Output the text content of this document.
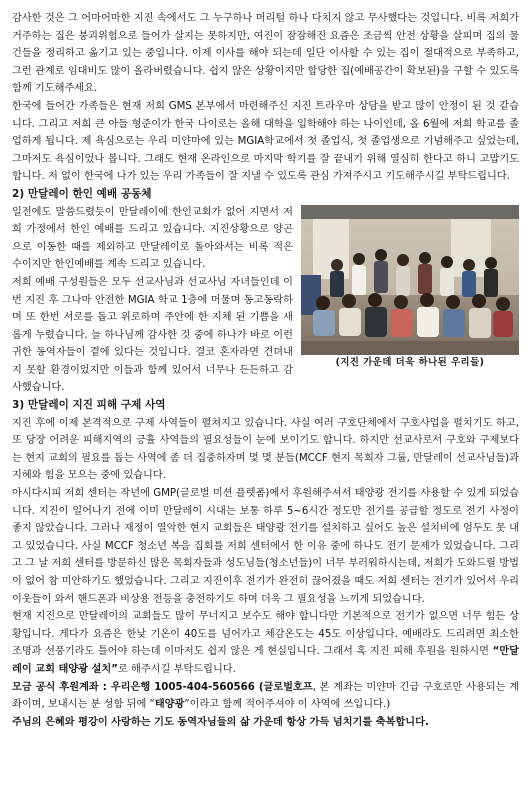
감사한 것은 그 어마어마한 지진 속에서도 그 누구하나 머리털 하나 다치지 않고 무사했다는 것입니다. 비록 저희가 거주하는 집은 붕괴위험으로 들어가 살지는 못하지만, 여진이 잠잠해진 요즘은 조금씩 안전 상황을 살피며 집의 물건들을 정리하고 옮기고 있는 중입니다. 이제 이사를 해야 되는데 일단 이사할 수 있는 집이 절대적으로 부족하고, 그런 관계로 임대비도 많이 올라버렸습니다. 쉽지 않은 상황이지만 합당한 집(예배공간이 확보된)을 구할 수 있도록 함께 기도해주세요.

한국에 들어간 가족들은 현재 저희 GMS 본부에서 마련해주신 지진 트라우마 상담을 받고 많이 안정이 된 것 같습니다. 그리고 저희 큰 아들 형준이가 한국 나이로는 올해 대학을 입학해야 하는 나이인데, 올 6월에 저희 학교를 졸업하게 됩니다. 제 욕심으로는 우리 미얀마에 있는 MGIA학교에서 첫 졸업식, 첫 졸업생으로 기념해주고 싶었는데, 그마저도 욕심이었나 봅니다. 그래도 현재 온라인으로 마지막 학기를 잘 끝내기 위해 열심히 한다고 하니 고맙기도 합니다. 저 없이 한국에 나가 있는 우리 가족들이 잘 지낼 수 있도록 관심 가져주시고 기도해주시길 부탁드립니다.

2) 만달레이 한인 예배 공동체
(지진 가운데 더욱 하나된 우리들)

일전에도 말씀드렸듯이 만달레이에 한인교회가 없어 지면서 저희 가정에서 한인 예배를 드리고 있습니다. 지진상황으로 양곤으로 이동한 때를 제외하고 만달레이로 돌아와서는 비록 적은 수이지만 한인예배를 계속 드리고 있습니다.

저희 예배 구성원들은 모두 선교사님과 선교사님 자녀들인데 이번 지진 후 그나마 안전한 MGIA 학교 1층에 머물며 동고동락하며 또 한번 서로를 돕고 위로하며 주안에 한 지체 된 기쁨을 새롭게 누렸습니다. 늘 하나님께 감사한 것 중에 하나가 바로 이런 귀한 동역자들이 곁에 있다는 것입니다. 결코 혼자라면 견뎌내지 못할 환경이었지만 이들과 함께 있어서 너무나 든든하고 감사했습니다.

3) 만달레이 지진 피해 구제 사역

지진 후에 이제 본격적으로 구제 사역들이 펼쳐지고 있습니다. 사실 여러 구호단체에서 구호사업을 펼치기도 하고, 또 당장 어려운 피해지역의 긍휼 사역들의 필요성들이 눈에 보이기도 합니다. 하지만 선교사로서 구호와 구제보다는 현지 교회의 필요를 돕는 사역에 좀 더 집중하자며 몇 몇 분들(MCCF 현지 목회자 그룹, 만달레이 선교사님들)과 지혜와 힘을 모으는 중에 있습니다.

아시다시피 저희 센터는 작년에 GMP(글로벌 미션 플렛폼)에서 후원해주셔서 태양광 전기를 사용할 수 있게 되었습니다. 지진이 일어나기 전에 이미 만달레이 시내는 보통 하루 5~6시간 정도만 전기를 공급할 정도로 전기 사정이 좋지 않았습니다. 그러나 재정이 열악한 현지 교회들은 태양광 전기를 설치하고 싶어도 높은 설치비에 엄두도 못 내고 있었습니다. 사실 MCCF 청소년 복음 집회를 저희 센터에서 한 이유 중에 하나도 전기 문제가 있었습니다. 그리고 그 날 저희 센터를 방문하신 많은 목회자들과 성도님들(청소년들)이 너무 부러워하시는데, 저희가 도와드릴 방법이 없어 참 미안하기도 했었습니다. 그리고 지진이후 전기가 완전히 끊어졌을 때도 저희 센터는 전기가 있어서 우리 이웃들이 와서 핸드폰과 비상용 전등을 충전하기도 하며 더욱 그 필요성을 느끼게 되었습니다.

현재 지진으로 만달레이의 교회들도 많이 무너지고 보수도 해야 합니다만 기본적으로 전기가 없으면 너무 힘든 상황입니다. 게다가 요즘은 한낮 기온이 40도를 넘어가고 체감온도는 45도 이상입니다. 예배라도 드리려면 최소한 조명과 선풍기라도 틀어야 하는데 이마저도 쉽지 않은 게 현실입니다. 그래서 혹 지진 피해 후원을 원하시면 “만달레이 교회 태양광 설치”로 해주시길 부탁드립니다.

모금 공식 후원계좌 : 우리은행 1005-404-560566 (글로벌호프, 본 계좌는 미얀마 긴급 구호로만 사용되는 계좌이며, 보내시는 분 성함 뒤에 “태양광”이라고 함께 적어주셔야 이 사역에 쓰입니다.)

주님의 은혜와 평강이 사랑하는 기도 동역자님들의 삶 가운데 항상 가득 넘치기를 축복합니다.
